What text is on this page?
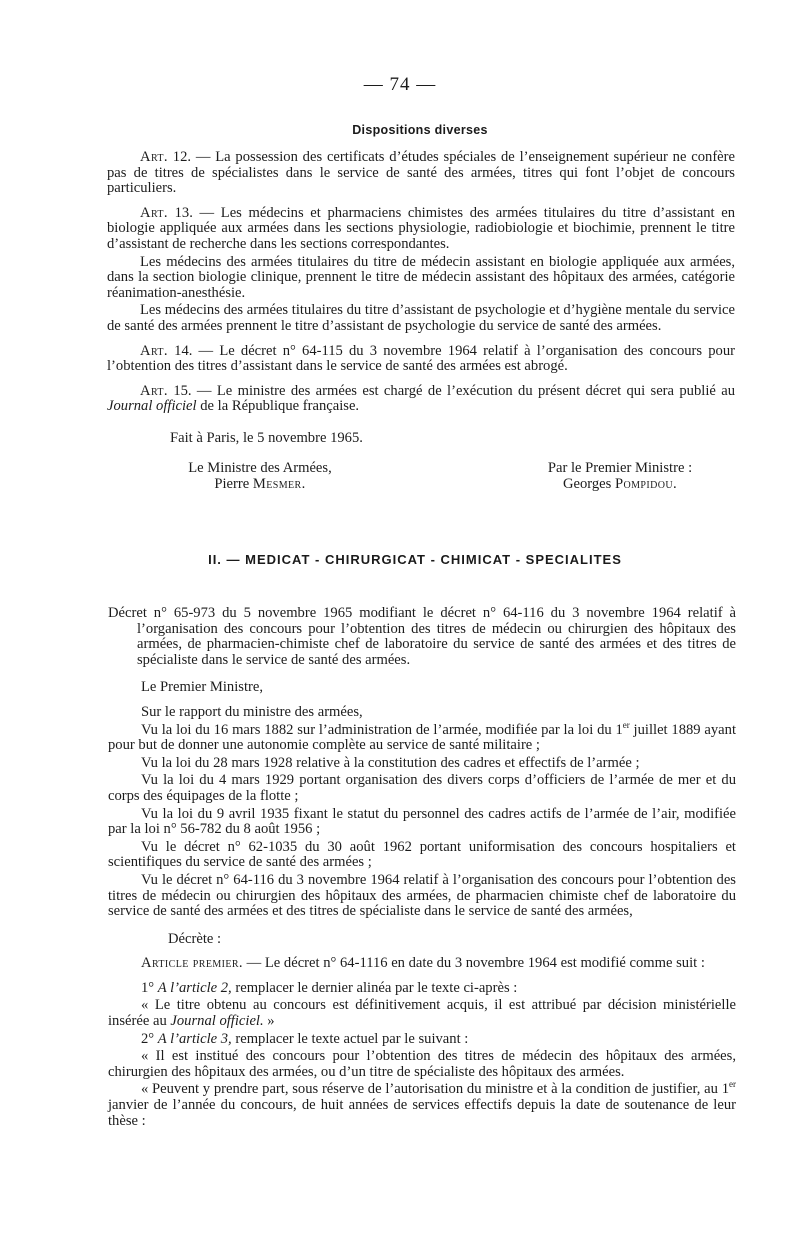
— 74 —
Dispositions diverses

Art. 12. — La possession des certificats d’études spéciales de l’enseignement supérieur ne confère pas de titres de spécialistes dans le service de santé des armées, titres qui font l’objet de concours particuliers.

Art. 13. — Les médecins et pharmaciens chimistes des armées titulaires du titre d’assistant en biologie appliquée aux armées dans les sections physiologie, radiobiologie et biochimie, prennent le titre d’assistant de recherche dans les sections correspondantes.

Les médecins des armées titulaires du titre de médecin assistant en biologie appliquée aux armées, dans la section biologie clinique, prennent le titre de médecin assistant des hôpitaux des armées, catégorie réanimation-anesthésie.

Les médecins des armées titulaires du titre d’assistant de psychologie et d’hygiène mentale du service de santé des armées prennent le titre d’assistant de psychologie du service de santé des armées.

Art. 14. — Le décret n° 64-115 du 3 novembre 1964 relatif à l’organisation des concours pour l’obtention des titres d’assistant dans le service de santé des armées est abrogé.

Art. 15. — Le ministre des armées est chargé de l’exécution du présent décret qui sera publié au Journal officiel de la République française.

Fait à Paris, le 5 novembre 1965.
Le Ministre des Armées,
Pierre Mesmer.
Par le Premier Ministre :
Georges Pompidou.
II. — MEDICAT - CHIRURGICAT - CHIMICAT - SPECIALITES

Décret n° 65-973 du 5 novembre 1965 modifiant le décret n° 64-116 du 3 novembre 1964 relatif à l’organisation des concours pour l’obtention des titres de médecin ou chirurgien des hôpitaux des armées, de pharmacien-chimiste chef de laboratoire du service de santé des armées et des titres de spécialiste dans le service de santé des armées.

Le Premier Ministre,

Sur le rapport du ministre des armées,

Vu la loi du 16 mars 1882 sur l’administration de l’armée, modifiée par la loi du 1er juillet 1889 ayant pour but de donner une autonomie complète au service de santé militaire ;

Vu la loi du 28 mars 1928 relative à la constitution des cadres et effectifs de l’armée ;

Vu la loi du 4 mars 1929 portant organisation des divers corps d’officiers de l’armée de mer et du corps des équipages de la flotte ;

Vu la loi du 9 avril 1935 fixant le statut du personnel des cadres actifs de l’armée de l’air, modifiée par la loi n° 56-782 du 8 août 1956 ;

Vu le décret n° 62-1035 du 30 août 1962 portant uniformisation des concours hospitaliers et scientifiques du service de santé des armées ;

Vu le décret n° 64-116 du 3 novembre 1964 relatif à l’organisation des concours pour l’obtention des titres de médecin ou chirurgien des hôpitaux des armées, de pharmacien chimiste chef de laboratoire du service de santé des armées et des titres de spécialiste dans le service de santé des armées,

Décrète :

Article premier. — Le décret n° 64-1116 en date du 3 novembre 1964 est modifié comme suit :

1° A l’article 2, remplacer le dernier alinéa par le texte ci-après :

« Le titre obtenu au concours est définitivement acquis, il est attribué par décision ministérielle insérée au Journal officiel. »

2° A l’article 3, remplacer le texte actuel par le suivant :

« Il est institué des concours pour l’obtention des titres de médecin des hôpitaux des armées, chirurgien des hôpitaux des armées, ou d’un titre de spécialiste des hôpitaux des armées.

« Peuvent y prendre part, sous réserve de l’autorisation du ministre et à la condition de justifier, au 1er janvier de l’année du concours, de huit années de services effectifs depuis la date de soutenance de leur thèse :
